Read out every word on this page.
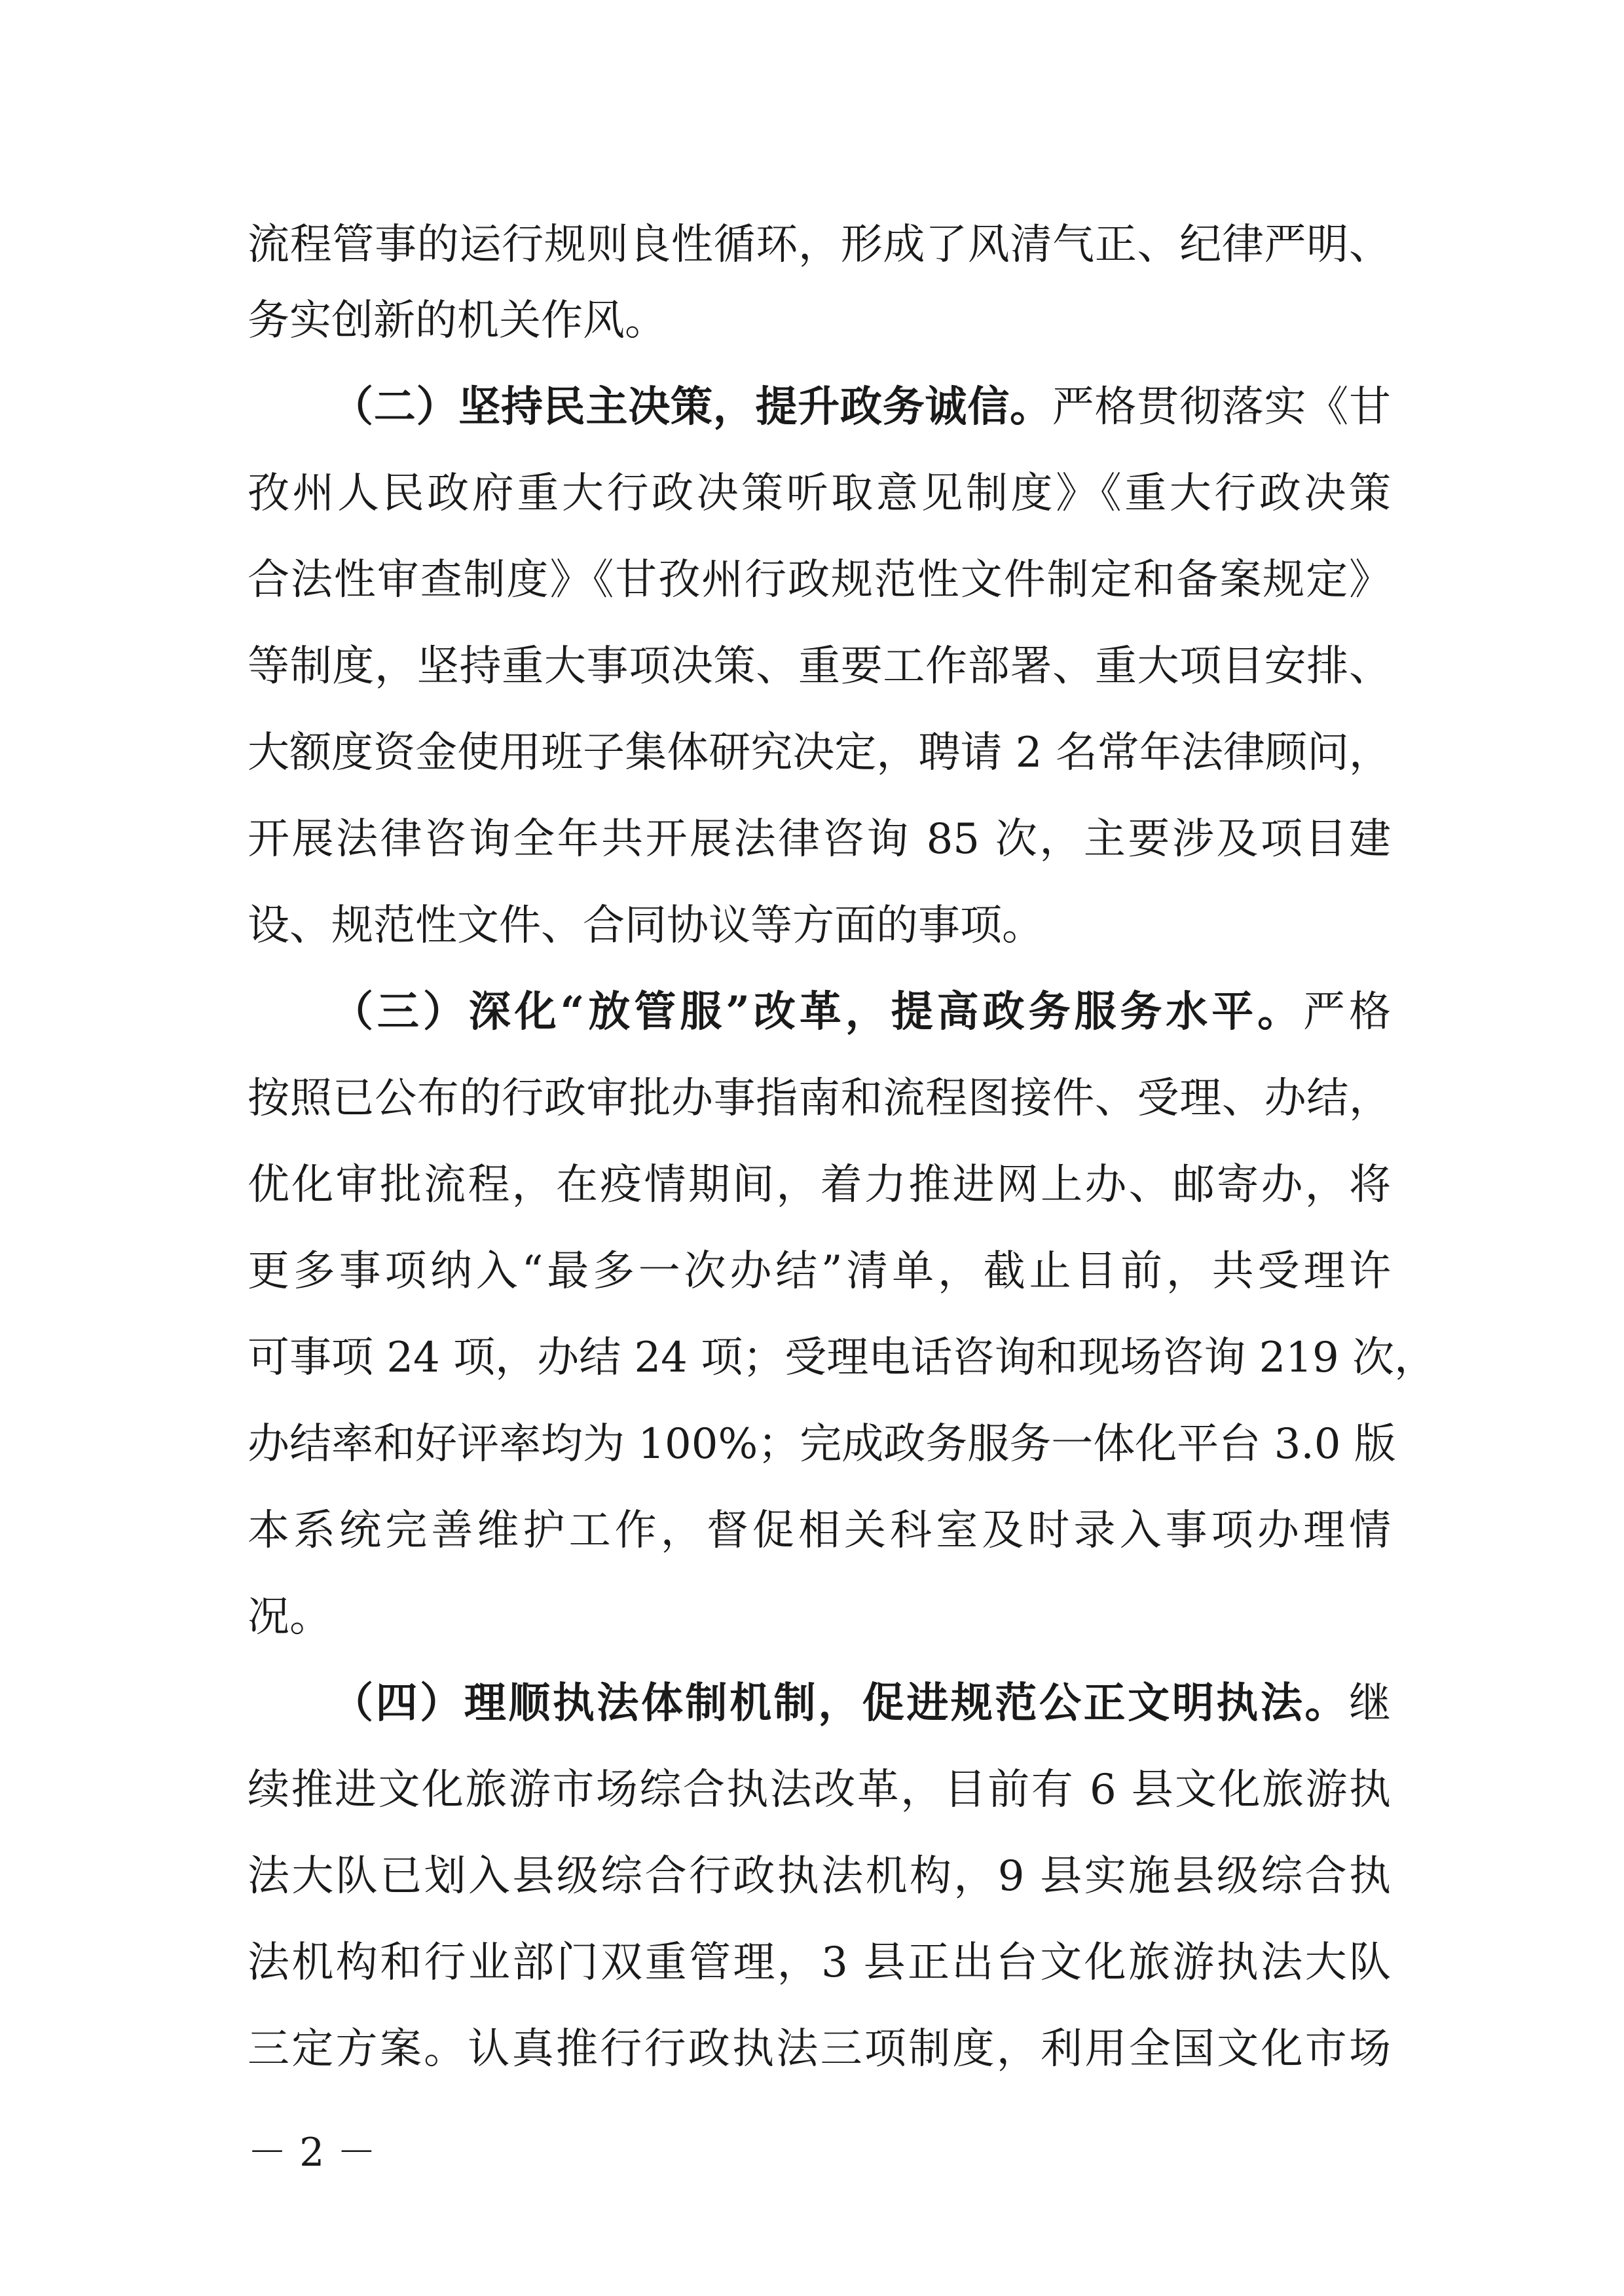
流程管事的运行规则良性循环，形成了风清气正、纪律严明、
务实创新的机关作风。
（二）坚持民主决策，提升政务诚信。严格贯彻落实《甘
孜州人民政府重大行政决策听取意见制度》《重大行政决策
合法性审查制度》《甘孜州行政规范性文件制定和备案规定》
等制度，坚持重大事项决策、重要工作部署、重大项目安排、
大额度资金使用班子集体研究决定，聘请 2 名常年法律顾问，
开展法律咨询全年共开展法律咨询 85 次，主要涉及项目建
设、规范性文件、合同协议等方面的事项。
（三）深化“放管服”改革，提高政务服务水平。严格
按照已公布的行政审批办事指南和流程图接件、受理、办结，
优化审批流程，在疫情期间，着力推进网上办、邮寄办，将
更多事项纳入“最多一次办结”清单，截止目前，共受理许
可事项 24 项，办结 24 项；受理电话咨询和现场咨询 219 次，
办结率和好评率均为 100%；完成政务服务一体化平台 3.0 版
本系统完善维护工作，督促相关科室及时录入事项办理情
况。
（四）理顺执法体制机制，促进规范公正文明执法。继
续推进文化旅游市场综合执法改革，目前有 6 县文化旅游执
法大队已划入县级综合行政执法机构，9 县实施县级综合执
法机构和行业部门双重管理，3 县正出台文化旅游执法大队
三定方案。认真推行行政执法三项制度，利用全国文化市场
－ 2 －
